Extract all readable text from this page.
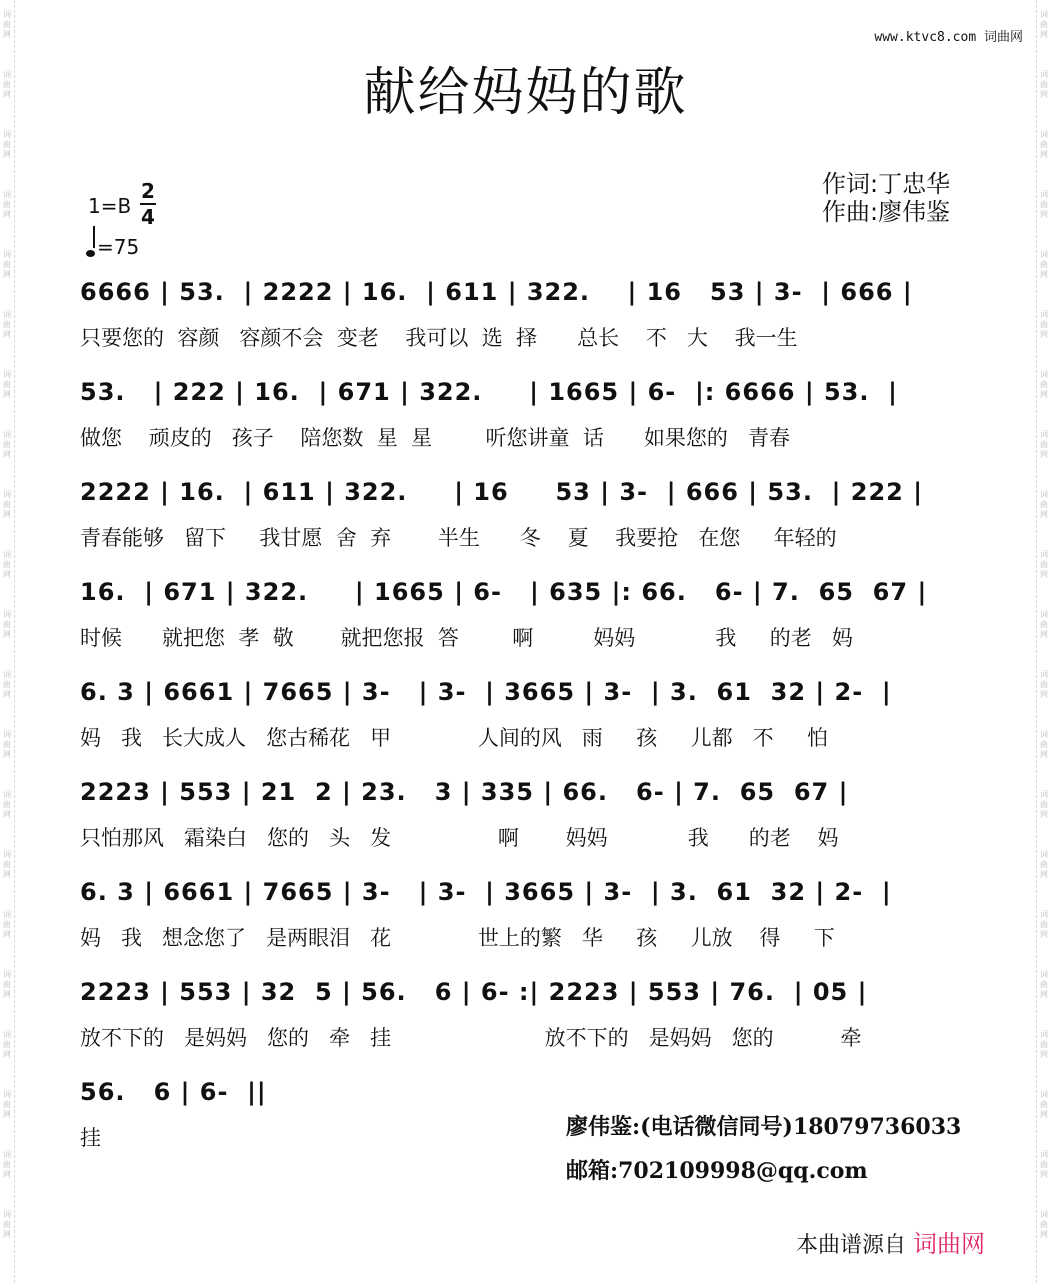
www.ktvc8.com 词曲网
献给妈妈的歌
作词:丁忠华
作曲:廖伟鉴
1=B
2
4
=75
6666 | 53.  | 2222 | 16.  | 611 | 322.    | 16   53 | 3-  | 666 |
只要您的  容颜   容颜不会  变老    我可以  选  择      总长    不   大    我一生
53.   | 222 | 16.  | 671 | 322.     | 1665 | 6-  |: 6666 | 53.  |
做您    顽皮的   孩子    陪您数  星  星        听您讲童  话      如果您的   青春
2222 | 16.  | 611 | 322.     | 16     53 | 3-  | 666 | 53.  | 222 |
青春能够   留下     我甘愿  舍  弃       半生      冬    夏    我要抢   在您     年轻的
16.  | 671 | 322.     | 1665 | 6-   | 635 |: 66.   6- | 7.  65  67 |
时候      就把您  孝  敬       就把您报  答        啊         妈妈            我     的老   妈
6. 3 | 6661 | 7665 | 3-   | 3-  | 3665 | 3-  | 3.  61  32 | 2-  |
妈   我   长大成人   您古稀花   甲             人间的风   雨     孩     儿都   不     怕
2223 | 553 | 21  2 | 23.   3 | 335 | 66.   6- | 7.  65  67 |
只怕那风   霜染白   您的   头   发                啊       妈妈            我      的老    妈
6. 3 | 6661 | 7665 | 3-   | 3-  | 3665 | 3-  | 3.  61  32 | 2-  |
妈   我   想念您了   是两眼泪   花             世上的繁   华     孩     儿放    得     下
2223 | 553 | 32  5 | 56.   6 | 6- :| 2223 | 553 | 76.  | 05 |
放不下的   是妈妈   您的   牵   挂                       放不下的   是妈妈   您的          牵
56.   6 | 6-  ||
挂	廖伟鉴:(电话微信同号)18079736033
邮箱:702109998@qq.com
本曲谱源自 词曲网
词曲网
词曲网
词曲网
词曲网
词曲网
词曲网
词曲网
词曲网
词曲网
词曲网
词曲网
词曲网
词曲网
词曲网
词曲网
词曲网
词曲网
词曲网
词曲网
词曲网
词曲网
词曲网
词曲网
词曲网
词曲网
词曲网
词曲网
词曲网
词曲网
词曲网
词曲网
词曲网
词曲网
词曲网
词曲网
词曲网
词曲网
词曲网
词曲网
词曲网
词曲网
词曲网
